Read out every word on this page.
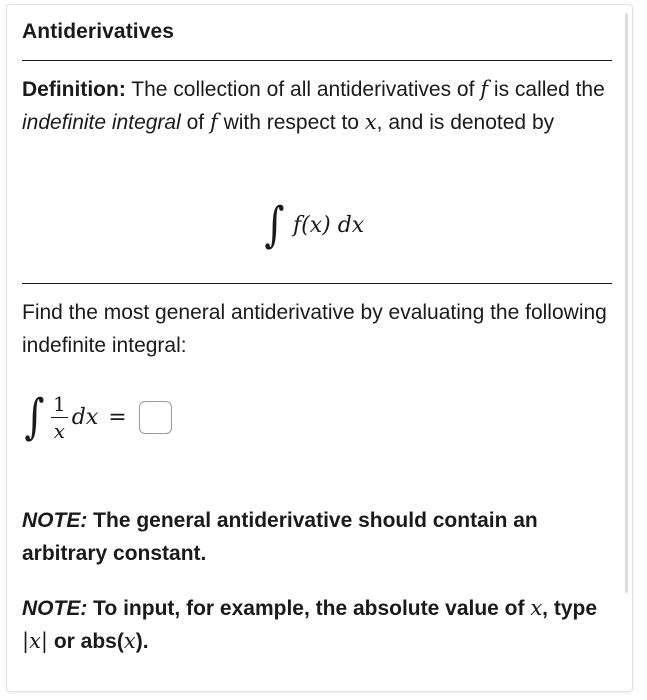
Antiderivatives
Definition: The collection of all antiderivatives of f is called the indefinite integral of f with respect to x, and is denoted by
∫ f(x) dx
Find the most general antiderivative by evaluating the following indefinite integral:
∫ $\frac{1}{x}$ dx =
NOTE: The general antiderivative should contain an arbitrary constant.
NOTE: To input, for example, the absolute value of x, type |x| or abs(x).
